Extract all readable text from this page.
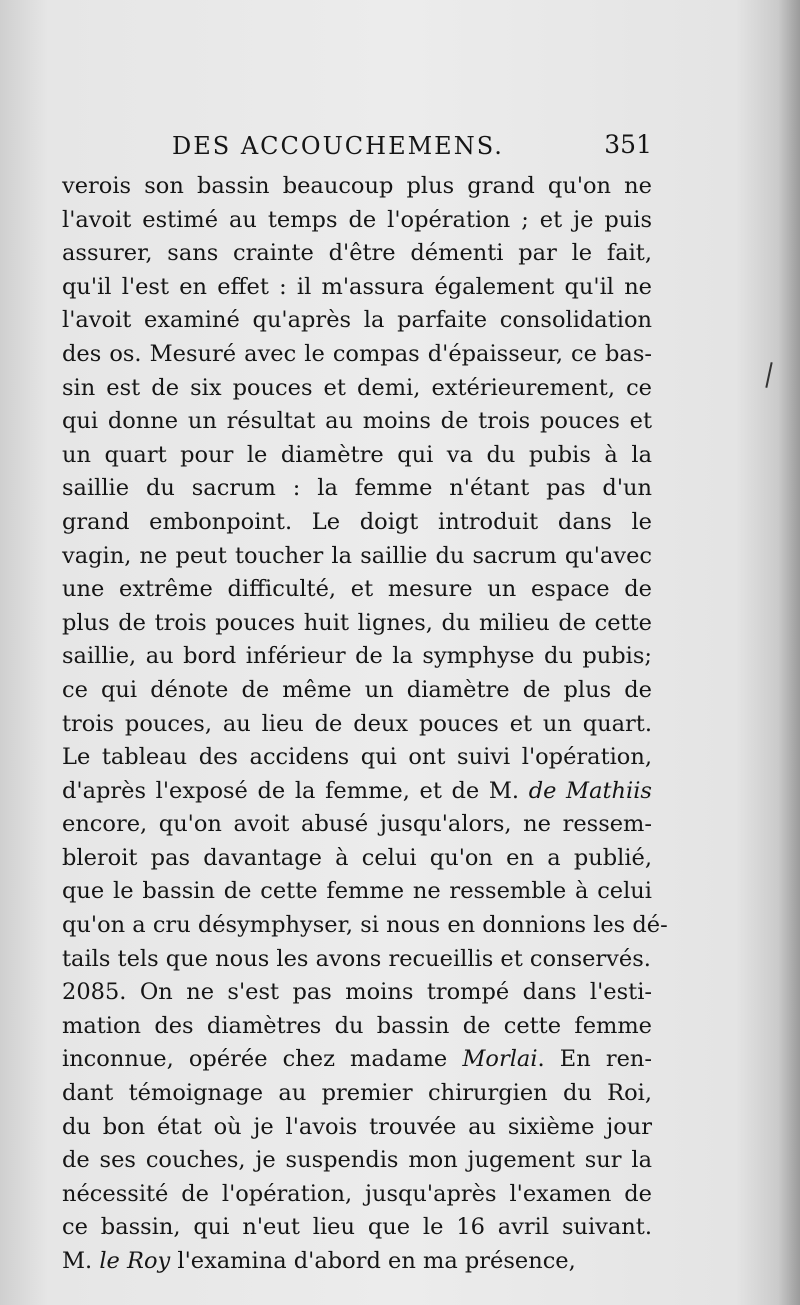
DES ACCOUCHEMENS.	351
verois son bassin beaucoup plus grand qu'on ne
l'avoit estimé au temps de l'opération ; et je puis
assurer, sans crainte d'être démenti par le fait,
qu'il l'est en effet : il m'assura également qu'il ne
l'avoit examiné qu'après la parfaite consolidation
des os. Mesuré avec le compas d'épaisseur, ce bas-
sin est de six pouces et demi, extérieurement, ce
qui donne un résultat au moins de trois pouces et
un quart pour le diamètre qui va du pubis à la
saillie du sacrum : la femme n'étant pas d'un
grand embonpoint. Le doigt introduit dans le
vagin, ne peut toucher la saillie du sacrum qu'avec
une extrême difficulté, et mesure un espace de
plus de trois pouces huit lignes, du milieu de cette
saillie, au bord inférieur de la symphyse du pubis;
ce qui dénote de même un diamètre de plus de
trois pouces, au lieu de deux pouces et un quart.
Le tableau des accidens qui ont suivi l'opération,
d'après l'exposé de la femme, et de M. de Mathiis
encore, qu'on avoit abusé jusqu'alors, ne ressem-
bleroit pas davantage à celui qu'on en a publié,
que le bassin de cette femme ne ressemble à celui
qu'on a cru désymphyser, si nous en donnions les dé-
tails tels que nous les avons recueillis et conservés.
2085. On ne s'est pas moins trompé dans l'esti-
mation des diamètres du bassin de cette femme
inconnue, opérée chez madame Morlai. En ren-
dant témoignage au premier chirurgien du Roi,
du bon état où je l'avois trouvée au sixième jour
de ses couches, je suspendis mon jugement sur la
nécessité de l'opération, jusqu'après l'examen de
ce bassin, qui n'eut lieu que le 16 avril suivant.
M. le Roy l'examina d'abord en ma présence,
